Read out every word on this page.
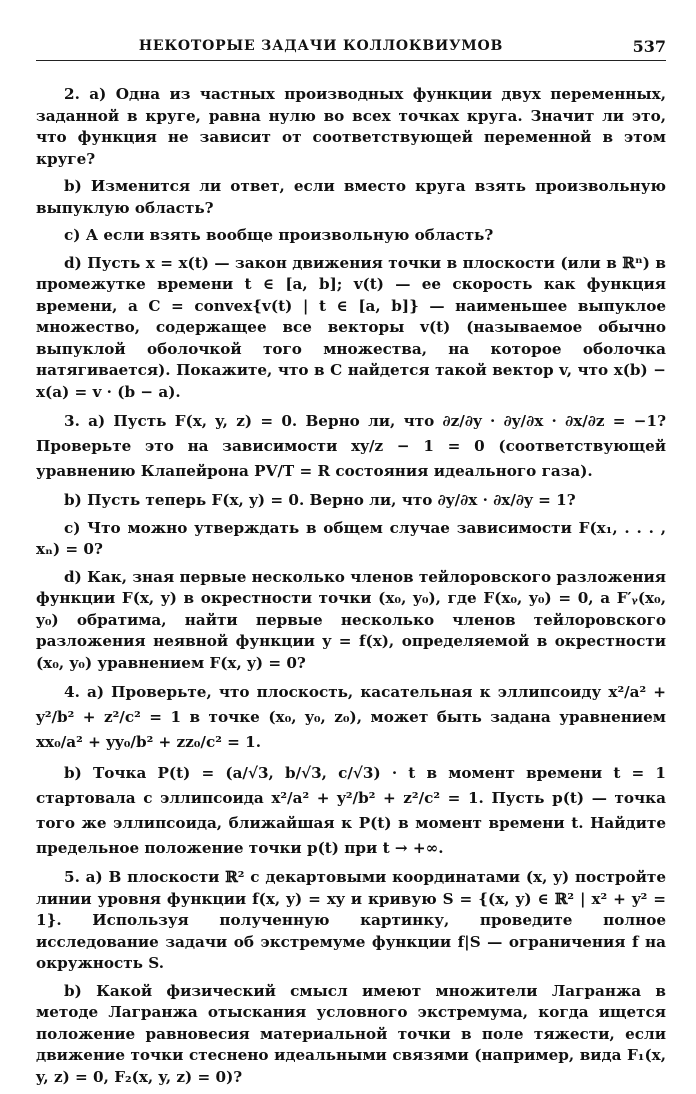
НЕКОТОРЫЕ ЗАДАЧИ КОЛЛОКВИУМОВ	537

2. а) Одна из частных производных функции двух переменных, заданной в круге, равна нулю во всех точках круга. Значит ли это, что функция не зависит от соответствующей переменной в этом круге?

b) Изменится ли ответ, если вместо круга взять произвольную выпуклую область?

c) А если взять вообще произвольную область?

d) Пусть x = x(t) — закон движения точки в плоскости (или в ℝⁿ) в промежутке времени t ∈ [a, b]; v(t) — ее скорость как функция времени, а C = convex{v(t) | t ∈ [a, b]} — наименьшее выпуклое множество, содержащее все векторы v(t) (называемое обычно выпуклой оболочкой того множества, на которое оболочка натягивается). Покажите, что в C найдется такой вектор v, что x(b) − x(a) = v · (b − a).

3. а) Пусть F(x, y, z) = 0. Верно ли, что ∂z/∂y · ∂y/∂x · ∂x/∂z = −1? Проверьте это на зависимости xy/z − 1 = 0 (соответствующей уравнению Клапейрона PV/T = R состояния идеального газа).

b) Пусть теперь F(x, y) = 0. Верно ли, что ∂y/∂x · ∂x/∂y = 1?

c) Что можно утверждать в общем случае зависимости F(x₁, . . . , xₙ) = 0?

d) Как, зная первые несколько членов тейлоровского разложения функции F(x, y) в окрестности точки (x₀, y₀), где F(x₀, y₀) = 0, а F′ᵧ(x₀, y₀) обратима, найти первые несколько членов тейлоровского разложения неявной функции y = f(x), определяемой в окрестности (x₀, y₀) уравнением F(x, y) = 0?

4. а) Проверьте, что плоскость, касательная к эллипсоиду x²/a² + y²/b² + z²/c² = 1 в точке (x₀, y₀, z₀), может быть задана уравнением xx₀/a² + yy₀/b² + zz₀/c² = 1.

b) Точка P(t) = (a/√3, b/√3, c/√3) · t в момент времени t = 1 стартовала с эллипсоида x²/a² + y²/b² + z²/c² = 1. Пусть p(t) — точка того же эллипсоида, ближайшая к P(t) в момент времени t. Найдите предельное положение точки p(t) при t → +∞.

5. а) В плоскости ℝ² с декартовыми координатами (x, y) постройте линии уровня функции f(x, y) = xy и кривую S = {(x, y) ∈ ℝ² | x² + y² = 1}. Используя полученную картинку, проведите полное исследование задачи об экстремуме функции f|S — ограничения f на окружность S.

b) Какой физический смысл имеют множители Лагранжа в методе Лагранжа отыскания условного экстремума, когда ищется положение равновесия материальной точки в поле тяжести, если движение точки стеснено идеальными связями (например, вида F₁(x, y, z) = 0, F₂(x, y, z) = 0)?
